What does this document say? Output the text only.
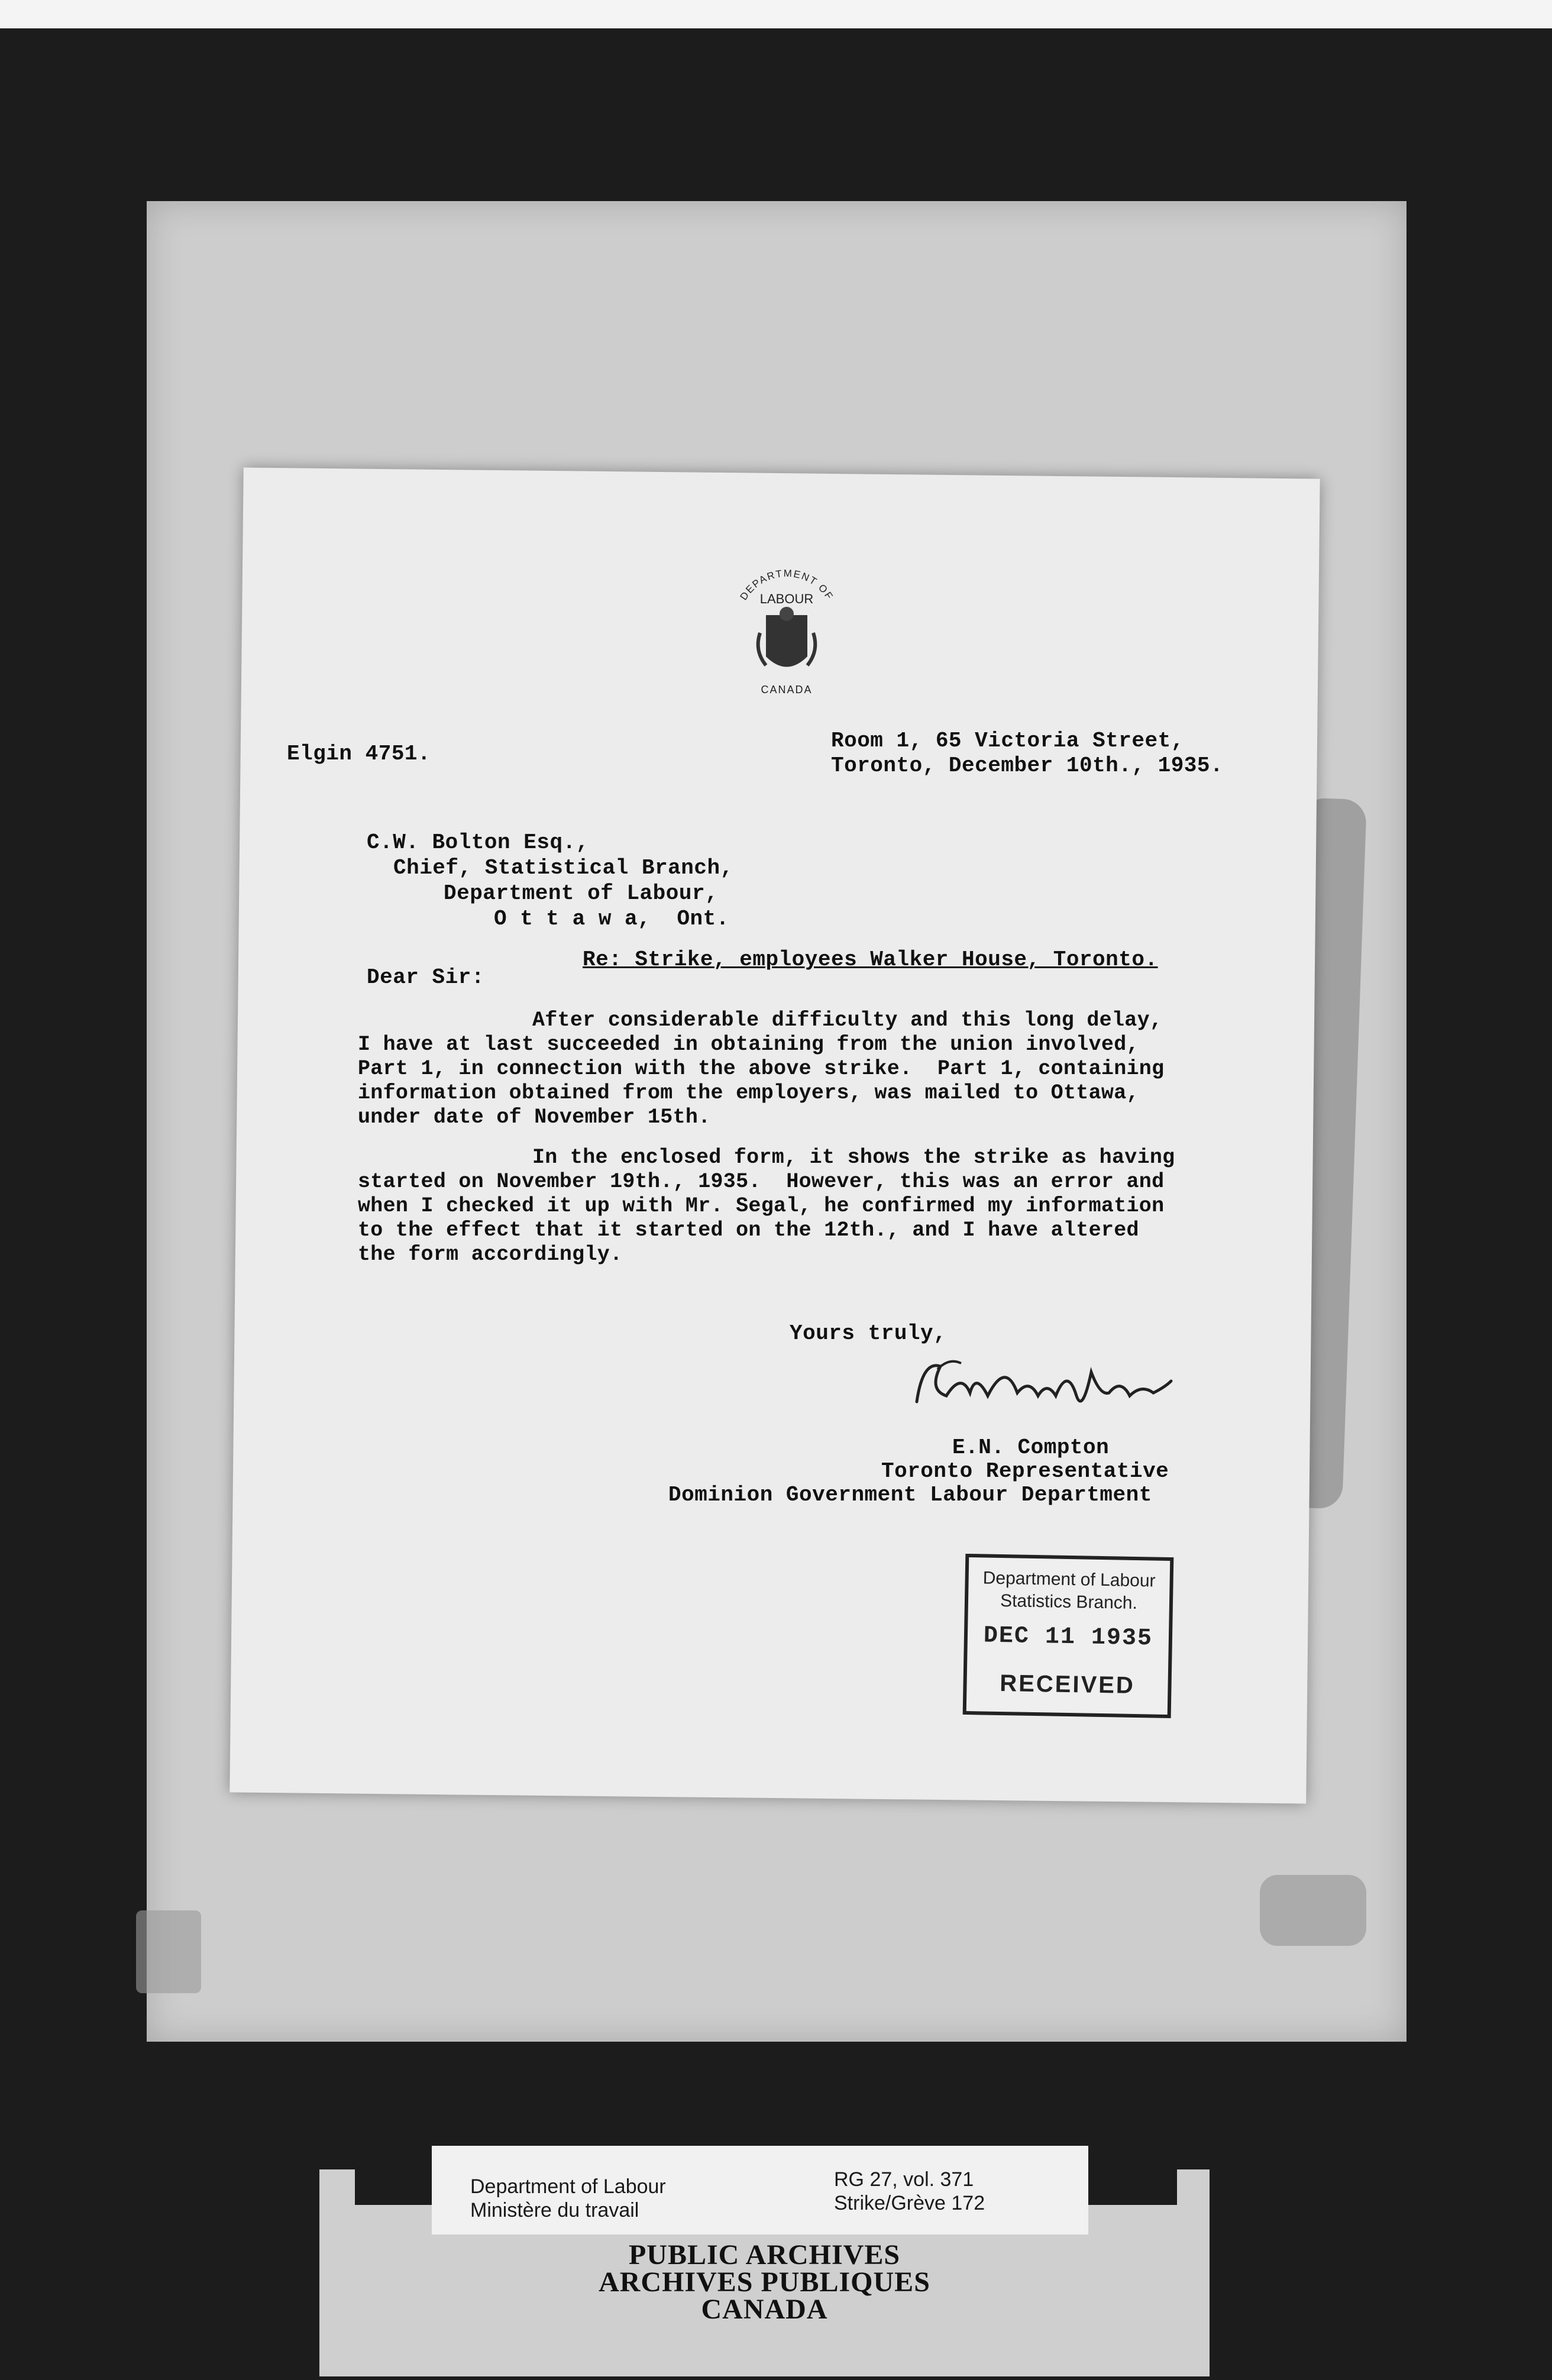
DEPARTMENT OF
LABOUR
CANADA
Elgin 4751.
Room 1, 65 Victoria Street,
Toronto, December 10th., 1935.
C.W. Bolton Esq.,
Chief, Statistical Branch,
Department of Labour,
O t t a w a,  Ont.
Re: Strike, employees Walker House, Toronto.
Dear Sir:
After considerable difficulty and this long delay,
I have at last succeeded in obtaining from the union involved,
Part 1, in connection with the above strike.  Part 1, containing
information obtained from the employers, was mailed to Ottawa,
under date of November 15th.
In the enclosed form, it shows the strike as having
started on November 19th., 1935.  However, this was an error and
when I checked it up with Mr. Segal, he confirmed my information
to the effect that it started on the 12th., and I have altered
the form accordingly.
Yours truly,
E.N. Compton
Toronto Representative
Dominion Government Labour Department
Department of Labour
Statistics Branch.
DEC 11 1935
RECEIVED
Department of Labour
Ministère du travail
RG 27, vol. 371
Strike/Grève 172
PUBLIC ARCHIVES
ARCHIVES PUBLIQUES
CANADA
